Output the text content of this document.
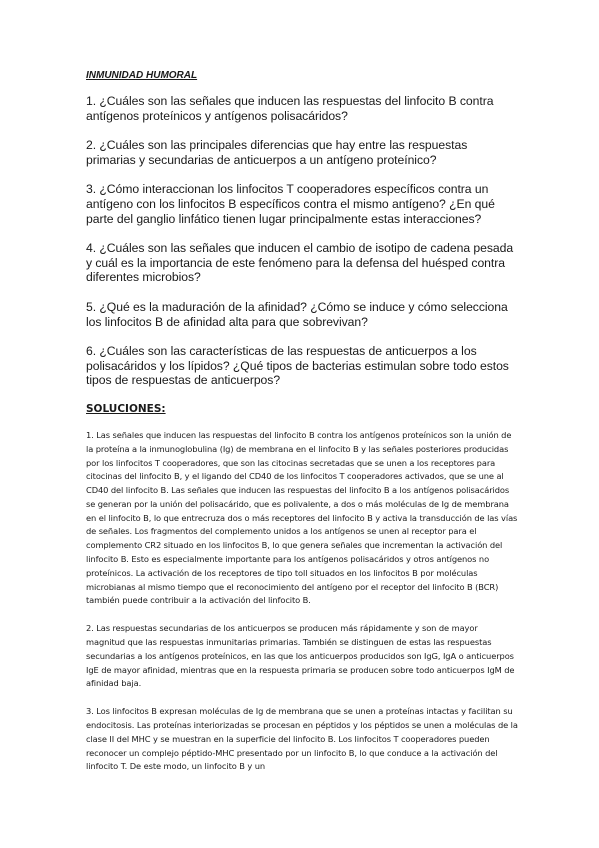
INMUNIDAD HUMORAL
1. ¿Cuáles son las señales que inducen las respuestas del linfocito B contra antígenos proteínicos y antígenos polisacáridos?
2. ¿Cuáles son las principales diferencias que hay entre las respuestas primarias y secundarias de anticuerpos a un antígeno proteínico?
3. ¿Cómo interaccionan los linfocitos T cooperadores específicos contra un antígeno con los linfocitos B específicos contra el mismo antígeno? ¿En qué parte del ganglio linfático tienen lugar principalmente estas interacciones?
4. ¿Cuáles son las señales que inducen el cambio de isotipo de cadena pesada y cuál es la importancia de este fenómeno para la defensa del huésped contra diferentes microbios?
5. ¿Qué es la maduración de la afinidad? ¿Cómo se induce y cómo selecciona los linfocitos B de afinidad alta para que sobrevivan?
6. ¿Cuáles son las características de las respuestas de anticuerpos a los polisacáridos y los lípidos? ¿Qué tipos de bacterias estimulan sobre todo estos tipos de respuestas de anticuerpos?
SOLUCIONES:
1. Las señales que inducen las respuestas del linfocito B contra los antígenos proteínicos son la unión de la proteína a la inmunoglobulina (Ig) de membrana en el linfocito B y las señales posteriores producidas por los linfocitos T cooperadores, que son las citocinas secretadas que se unen a los receptores para citocinas del linfocito B, y el ligando del CD40 de los linfocitos T cooperadores activados, que se une al CD40 del linfocito B. Las señales que inducen las respuestas del linfocito B a los antígenos polisacáridos se generan por la unión del polisacárido, que es polivalente, a dos o más moléculas de Ig de membrana en el linfocito B, lo que entrecruza dos o más receptores del linfocito B y activa la transducción de las vías de señales. Los fragmentos del complemento unidos a los antígenos se unen al receptor para el complemento CR2 situado en los linfocitos B, lo que genera señales que incrementan la activación del linfocito B. Esto es especialmente importante para los antígenos polisacáridos y otros antígenos no proteínicos. La activación de los receptores de tipo toll situados en los linfocitos B por moléculas microbianas al mismo tiempo que el reconocimiento del antígeno por el receptor del linfocito B (BCR) también puede contribuir a la activación del linfocito B.
2. Las respuestas secundarias de los anticuerpos se producen más rápidamente y son de mayor magnitud que las respuestas inmunitarias primarias. También se distinguen de estas las respuestas secundarias a los antígenos proteínicos, en las que los anticuerpos producidos son IgG, IgA o anticuerpos IgE de mayor afinidad, mientras que en la respuesta primaria se producen sobre todo anticuerpos IgM de afinidad baja.
3. Los linfocitos B expresan moléculas de Ig de membrana que se unen a proteínas intactas y facilitan su endocitosis. Las proteínas interiorizadas se procesan en péptidos y los péptidos se unen a moléculas de la clase II del MHC y se muestran en la superficie del linfocito B. Los linfocitos T cooperadores pueden reconocer un complejo péptido-MHC presentado por un linfocito B, lo que conduce a la activación del linfocito T. De este modo, un linfocito B y un
